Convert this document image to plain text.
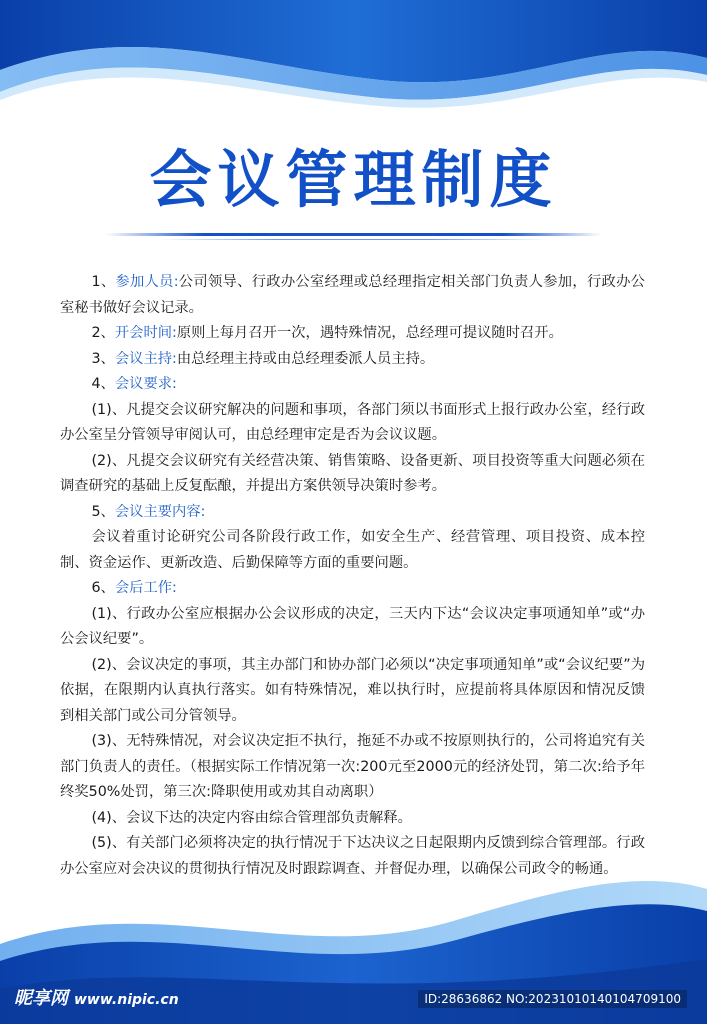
会议管理制度

1、参加人员:公司领导、行政办公室经理或总经理指定相关部门负责人参加，行政办公室秘书做好会议记录。

2、开会时间:原则上每月召开一次，遇特殊情况，总经理可提议随时召开。

3、会议主持:由总经理主持或由总经理委派人员主持。

4、会议要求:

(1)、凡提交会议研究解决的问题和事项，各部门须以书面形式上报行政办公室，经行政办公室呈分管领导审阅认可，由总经理审定是否为会议议题。

(2)、凡提交会议研究有关经营决策、销售策略、设备更新、项目投资等重大问题必须在调查研究的基础上反复酝酿，并提出方案供领导决策时参考。

5、会议主要内容:

会议着重讨论研究公司各阶段行政工作，如安全生产、经营管理、项目投资、成本控制、资金运作、更新改造、后勤保障等方面的重要问题。

6、会后工作:

(1)、行政办公室应根据办公会议形成的决定，三天内下达“会议决定事项通知单”或“办公会议纪要”。

(2)、会议决定的事项，其主办部门和协办部门必须以“决定事项通知单”或“会议纪要”为依据，在限期内认真执行落实。如有特殊情况，难以执行时，应提前将具体原因和情况反馈到相关部门或公司分管领导。

(3)、无特殊情况，对会议决定拒不执行，拖延不办或不按原则执行的，公司将追究有关部门负责人的责任。（根据实际工作情况第一次:200元至2000元的经济处罚，第二次:给予年终奖50%处罚，第三次:降职使用或劝其自动离职）

(4)、会议下达的决定内容由综合管理部负责解释。

(5)、有关部门必须将决定的执行情况于下达决议之日起限期内反馈到综合管理部。行政办公室应对会决议的贯彻执行情况及时跟踪调查、并督促办理，以确保公司政令的畅通。

昵享网 www.nipic.cn	ID:28636862 NO:20231010140104709100
